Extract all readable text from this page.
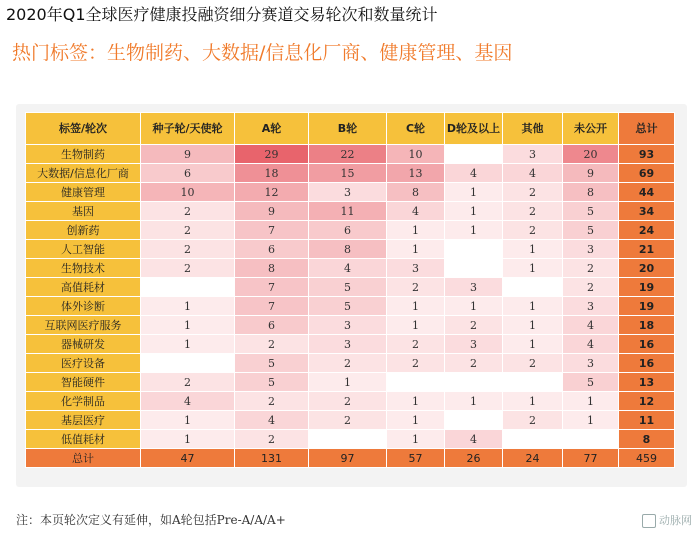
2020年Q1全球医疗健康投融资细分赛道交易轮次和数量统计
热门标签：生物制药、大数据/信息化厂商、健康管理、基因
标签/轮次	种子轮/天使轮	A轮	B轮	C轮	D轮及以上	其他	未公开	总计
生物制药	9	29	22	10		3	20	93
大数据/信息化厂商	6	18	15	13	4	4	9	69
健康管理	10	12	3	8	1	2	8	44
基因	2	9	11	4	1	2	5	34
创新药	2	7	6	1	1	2	5	24
人工智能	2	6	8	1		1	3	21
生物技术	2	8	4	3		1	2	20
高值耗材		7	5	2	3		2	19
体外诊断	1	7	5	1	1	1	3	19
互联网医疗服务	1	6	3	1	2	1	4	18
器械研发	1	2	3	2	3	1	4	16
医疗设备		5	2	2	2	2	3	16
智能硬件	2	5	1				5	13
化学制品	4	2	2	1	1	1	1	12
基层医疗	1	4	2	1		2	1	11
低值耗材	1	2		1	4			8
总计	47	131	97	57	26	24	77	459
注：本页轮次定义有延伸，如A轮包括Pre-A/A/A+	动脉网
